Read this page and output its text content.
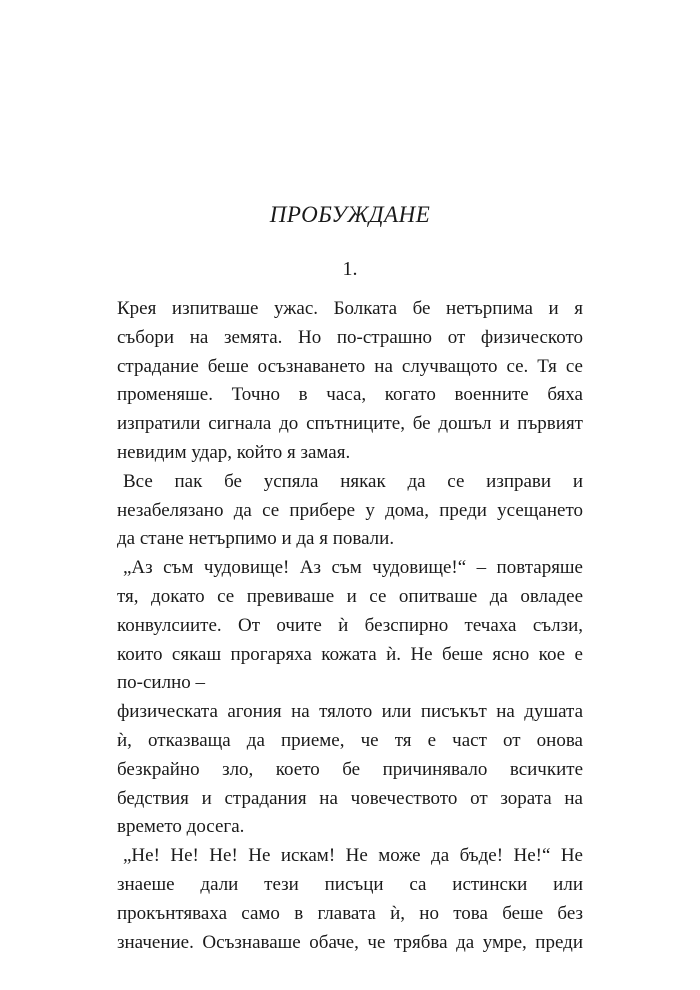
ПРОБУЖДАНЕ
1.
Крея изпитваше ужас. Болката бе нетърпима и я
събори на земята. Но по-страшно от физическото
страдание беше осъзнаването на случващото се. Тя се
променяше. Точно в часа, когато военните бяха
изпратили сигнала до спътниците, бе дошъл и първият
невидим удар, който я замая.
Все пак бе успяла някак да се изправи и
незабелязано да се прибере у дома, преди усещането
да стане нетърпимо и да я повали.
„Аз съм чудовище! Аз съм чудовище!“ – повтаряше
тя, докато се превиваше и се опитваше да овладее
конвулсиите. От очите ѝ безспирно течаха сълзи,
които сякаш прогаряха кожата ѝ. Не беше ясно кое е
по-силно –
физическата агония на тялото или писъкът на душата
ѝ, отказваща да приеме, че тя е част от онова
безкрайно зло, което бе причинявало всичките
бедствия и страдания на човечеството от зората на
времето досега.
„Не! Не! Не! Не искам! Не може да бъде! Не!“ Не
знаеше дали тези писъци са истински или
прокънтяваха само в главата ѝ, но това беше без
значение. Осъзнаваше обаче, че трябва да умре, преди
